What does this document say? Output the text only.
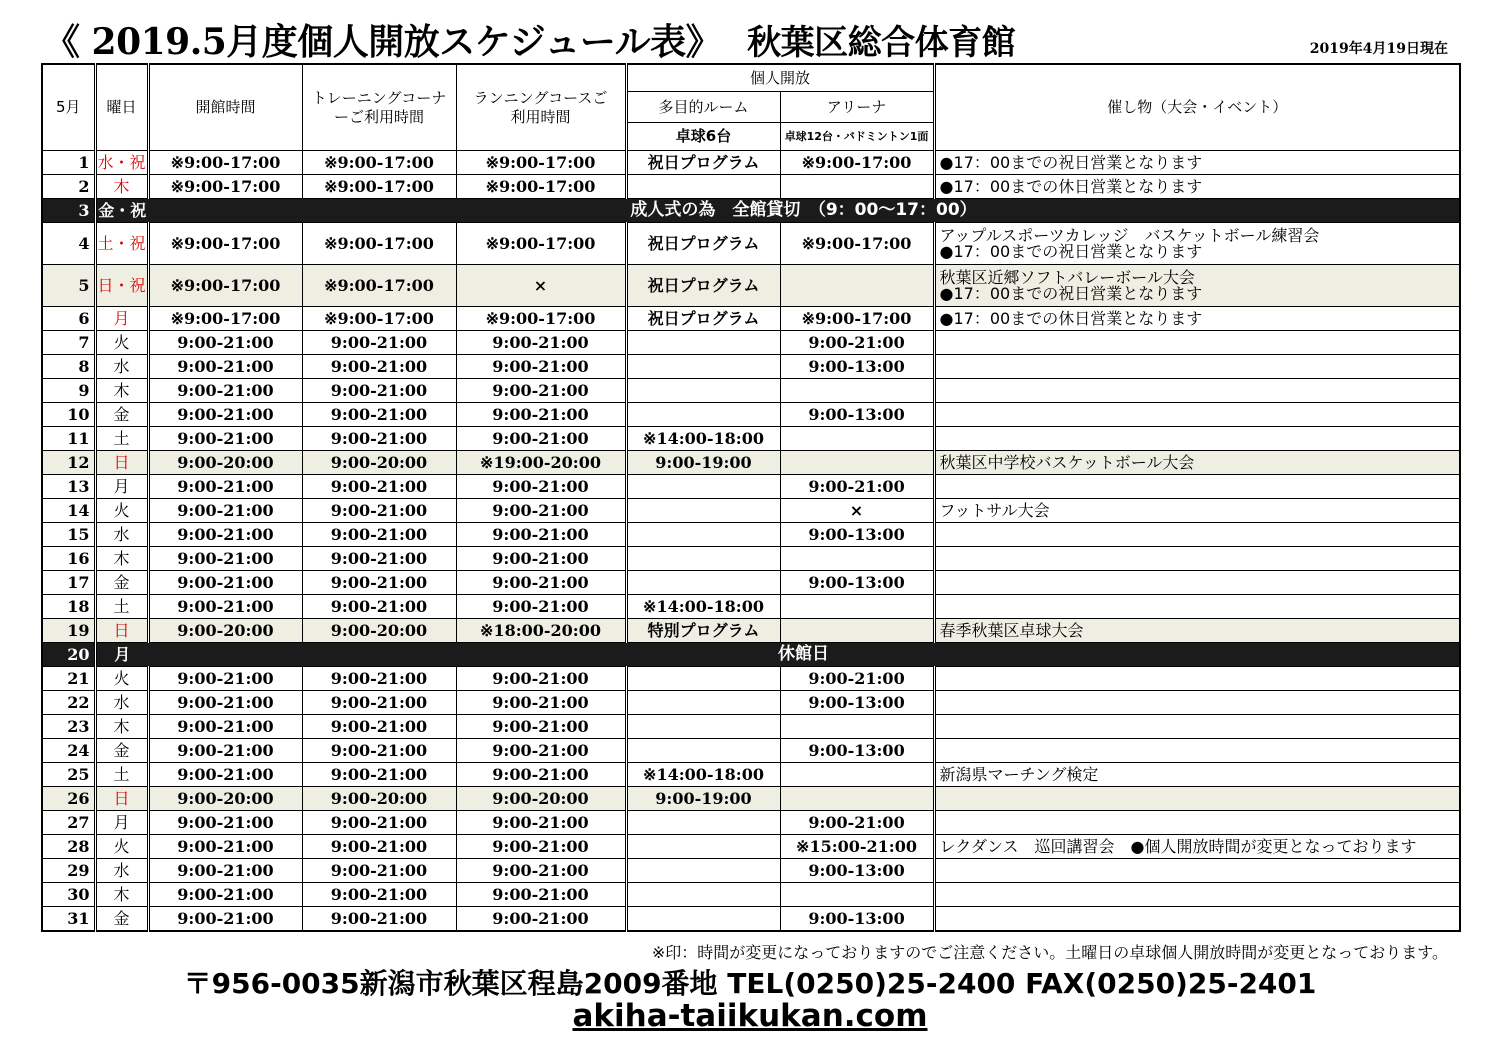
《 2019.5月度個人開放スケジュール表》 秋葉区総合体育館	2019年4月19日現在
5月	曜日	開館時間	トレーニングコーナーご利用時間	ランニングコースご利用時間	個人開放		催し物（大会・イベント）
					多目的ルーム	アリーナ	
					卓球6台	卓球12台・バドミントン1面	
1	水・祝	※9:00-17:00	※9:00-17:00	※9:00-17:00	祝日プログラム	※9:00-17:00	●17：00までの祝日営業となります

2	木	※9:00-17:00	※9:00-17:00	※9:00-17:00			●17：00までの休日営業となります

3	金・祝	成人式の為　全館貸切　（9：00～17：00）					
4	土・祝	※9:00-17:00	※9:00-17:00	※9:00-17:00	祝日プログラム	※9:00-17:00	アップルスポーツカレッジ　バスケットボール練習会
●17：00までの祝日営業となります

5	日・祝	※9:00-17:00	※9:00-17:00	×	祝日プログラム		秋葉区近郷ソフトバレーボール大会
●17：00までの祝日営業となります

6	月	※9:00-17:00	※9:00-17:00	※9:00-17:00	祝日プログラム	※9:00-17:00	●17：00までの休日営業となります

7	火	9:00-21:00	9:00-21:00	9:00-21:00		9:00-21:00	
8	水	9:00-21:00	9:00-21:00	9:00-21:00		9:00-13:00	
9	木	9:00-21:00	9:00-21:00	9:00-21:00			
10	金	9:00-21:00	9:00-21:00	9:00-21:00		9:00-13:00	
11	土	9:00-21:00	9:00-21:00	9:00-21:00	※14:00-18:00		
12	日	9:00-20:00	9:00-20:00	※19:00-20:00	9:00-19:00		秋葉区中学校バスケットボール大会

13	月	9:00-21:00	9:00-21:00	9:00-21:00		9:00-21:00	
14	火	9:00-21:00	9:00-21:00	9:00-21:00		×	フットサル大会

15	水	9:00-21:00	9:00-21:00	9:00-21:00		9:00-13:00	
16	木	9:00-21:00	9:00-21:00	9:00-21:00			
17	金	9:00-21:00	9:00-21:00	9:00-21:00		9:00-13:00	
18	土	9:00-21:00	9:00-21:00	9:00-21:00	※14:00-18:00		
19	日	9:00-20:00	9:00-20:00	※18:00-20:00	特別プログラム		春季秋葉区卓球大会

20	月	休館日					
21	火	9:00-21:00	9:00-21:00	9:00-21:00		9:00-21:00	
22	水	9:00-21:00	9:00-21:00	9:00-21:00		9:00-13:00	
23	木	9:00-21:00	9:00-21:00	9:00-21:00			
24	金	9:00-21:00	9:00-21:00	9:00-21:00		9:00-13:00	
25	土	9:00-21:00	9:00-21:00	9:00-21:00	※14:00-18:00		新潟県マーチング検定

26	日	9:00-20:00	9:00-20:00	9:00-20:00	9:00-19:00		
27	月	9:00-21:00	9:00-21:00	9:00-21:00		9:00-21:00	
28	火	9:00-21:00	9:00-21:00	9:00-21:00		※15:00-21:00	レクダンス　巡回講習会　●個人開放時間が変更となっております

29	水	9:00-21:00	9:00-21:00	9:00-21:00		9:00-13:00	
30	木	9:00-21:00	9:00-21:00	9:00-21:00			
31	金	9:00-21:00	9:00-21:00	9:00-21:00		9:00-13:00	
※印：時間が変更になっておりますのでご注意ください。土曜日の卓球個人開放時間が変更となっております。
〒956-0035新潟市秋葉区程島2009番地 TEL(0250)25-2400 FAX(0250)25-2401
akiha-taiikukan.com
